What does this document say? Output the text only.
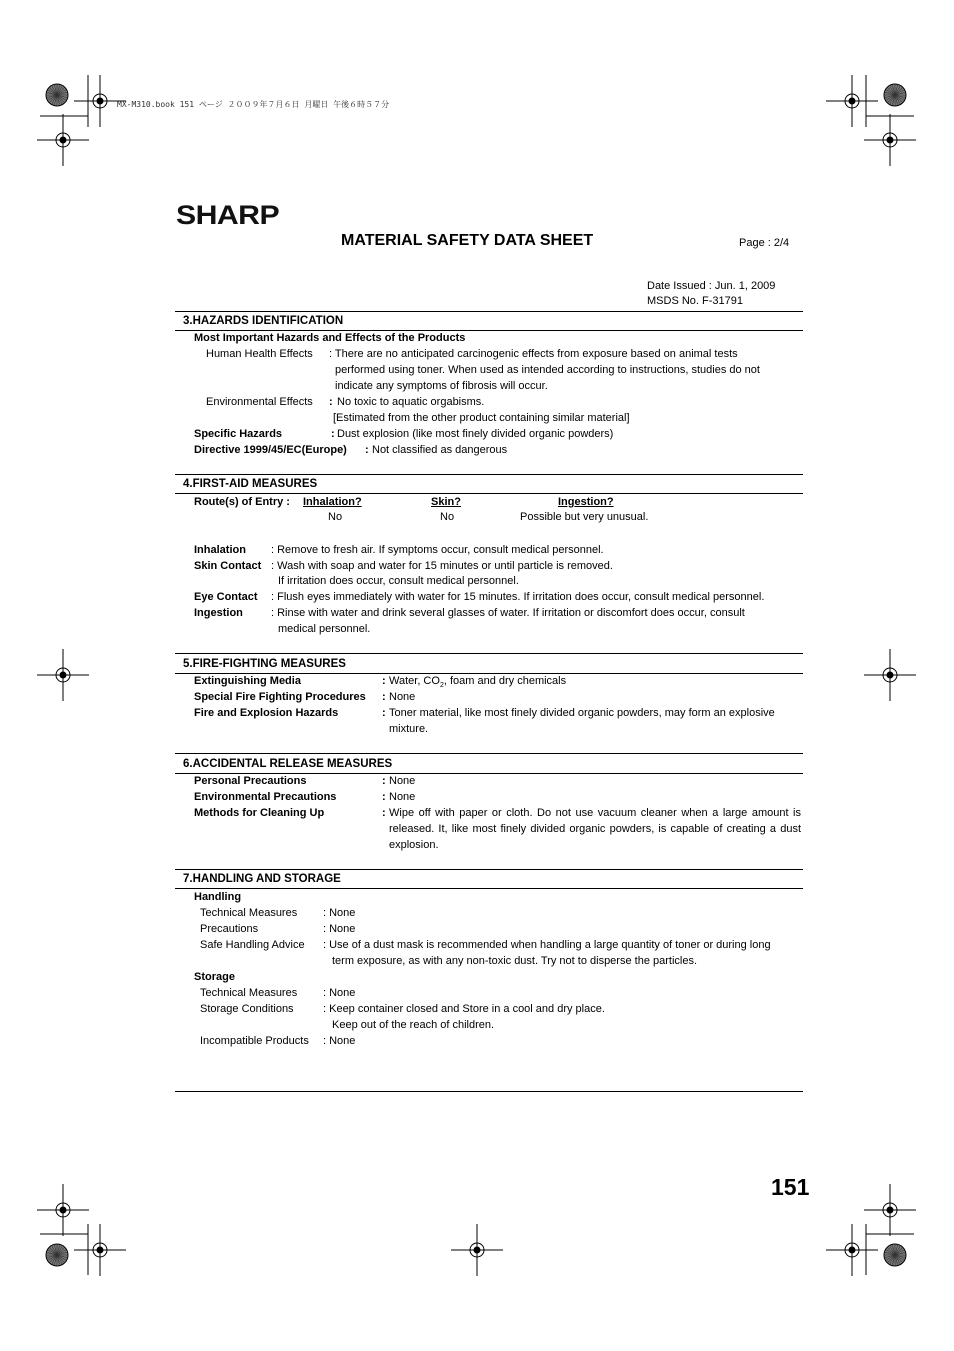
MX-M310.book 151 ページ ２００９年７月６日 月曜日 午後６時５７分
SHARP
MATERIAL SAFETY DATA SHEET	Page : 2/4
Date Issued : Jun. 1, 2009
MSDS No. F-31791
3.HAZARDS IDENTIFICATION
Most Important Hazards and Effects of the Products
Human Health Effects : There are no anticipated carcinogenic effects from exposure based on animal tests
performed using toner. When used as intended according to instructions, studies do not
indicate any symptoms of fibrosis will occur.
Environmental Effects : No toxic to aquatic orgabisms.
[Estimated from the other product containing similar material]
Specific Hazards	: Dust explosion (like most finely divided organic powders)
Directive 1999/45/EC(Europe) : Not classified as dangerous
4.FIRST-AID MEASURES
Route(s) of Entry : Inhalation?	Skin?	Ingestion?
No	No	Possible but very unusual.
Inhalation : Remove to fresh air. If symptoms occur, consult medical personnel.
Skin Contact : Wash with soap and water for 15 minutes or until particle is removed.
If irritation does occur, consult medical personnel.
Eye Contact : Flush eyes immediately with water for 15 minutes. If irritation does occur, consult medical personnel.
Ingestion	: Rinse with water and drink several glasses of water. If irritation or discomfort does occur, consult
medical personnel.
5.FIRE-FIGHTING MEASURES
Extinguishing Media	: Water, $CO_2$, foam and dry chemicals
Special Fire Fighting Procedures : None
Fire and Explosion Hazards	: Toner material, like most finely divided organic powders, may form an explosive
mixture.
6.ACCIDENTAL RELEASE MEASURES
Personal Precautions	: None
Environmental Precautions	: None
Methods for Cleaning Up	: Wipe off with paper or cloth. Do not use vacuum cleaner when a large amount is released. It, like most finely divided organic powders, is capable of creating a dust explosion.
7.HANDLING AND STORAGE
Handling
Technical Measures : None
Precautions	: None
Safe Handling Advice : Use of a dust mask is recommended when handling a large quantity of toner or during long
term exposure, as with any non-toxic dust. Try not to disperse the particles.
Storage
Technical Measures : None
Storage Conditions	: Keep container closed and Store in a cool and dry place.
Keep out of the reach of children.
Incompatible Products : None
151
